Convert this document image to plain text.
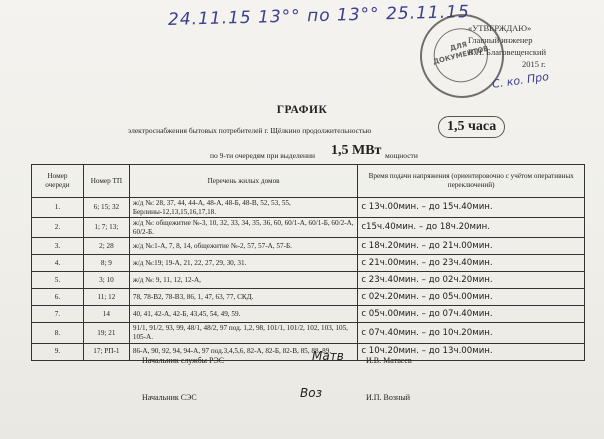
24.11.15 13°° по 13°° 25.11.15
ДЛЯ ДОКУМЕНТОВ
«УТВЕРЖДАЮ»
Главный инженер
В.Н. Благовещенский
2015 г.
С. ко. Про
ГРАФИК
электроснабжения бытовых потребителей г. Щёлкино продолжительностью	1,5 часа
по 9-ти очередям при выделении 1,5 МВт мощности
Номер очереди	Номер ТП	Перечень жилых домов	Время подачи напряжения (ориентировочно с учётом оперативных переключений)
1.	6; 15; 32	ж/д №: 28, 37, 44, 44-А, 48-А, 48-Б, 48-В, 52, 53, 55, Берлины-12,13,15,16,17,18.	с 13ч.00мин. – до 15ч.40мин.
2.	1; 7; 13;	ж/д №: общежитие №-3, 10, 32, 33, 34, 35, 36, 60, 60/1-А, 60/1-Б, 60/2-А, 60/2-Б.	с15ч.40мин. – до 18ч.20мин.
3.	2; 28	ж/д №:1-А, 7, 8, 14, общежитие №-2, 57, 57-А, 57-Б.	с 18ч.20мин. – до 21ч.00мин.
4.	8; 9	ж/д №:19; 19-А, 21, 22, 27, 29, 30, 31.	с 21ч.00мин. – до 23ч.40мин.
5.	3; 10	ж/д №: 9, 11, 12, 12-А,	с 23ч.40мин. – до 02ч.20мин.
6.	11; 12	78, 78-В2, 78-В3, 86, 1, 47, 63, 77, СКД.	с 02ч.20мин. – до 05ч.00мин.
7.	14	40, 41, 42-А, 42-Б, 43,45, 54, 49, 59.	с 05ч.00мин. – до 07ч.40мин.
8.	19; 21	91/1, 91/2, 93, 99, 48/1, 48/2, 97 под. 1,2, 98, 101/1, 101/2, 102, 103, 105, 105-А.	с 07ч.40мин. – до 10ч.20мин.
9.	17; РП-1	86-А, 90, 92, 94, 94-А, 97 под.3,4,5,6, 82-А, 82-Б, 82-В, 85, 88, 89.	с 10ч.20мин. – до 13ч.00мин.
Начальник службы РЭС	Матв	И.В. Матвеев
Начальник СЭС	Воз	И.П. Возный
